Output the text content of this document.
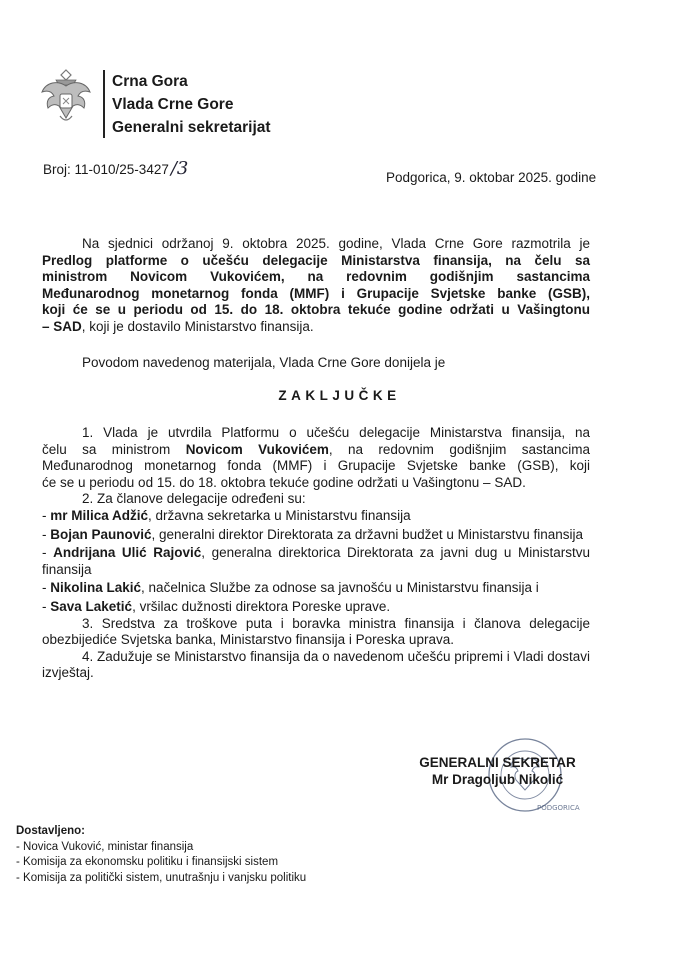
Crna Gora
Vlada Crne Gore
Generalni sekretarijat
Broj: 11-010/25-3427 /3	Podgorica, 9. oktobar 2025. godine
Na sjednici održanoj 9. oktobra 2025. godine, Vlada Crne Gore razmotrila je
Predlog platforme o učešću delegacije Ministarstva finansija, na čelu sa
ministrom Novicom Vukovićem, na redovnim godišnjim sastancima
Međunarodnog monetarnog fonda (MMF) i Grupacije Svjetske banke (GSB),
koji će se u periodu od 15. do 18. oktobra tekuće godine održati u Vašingtonu
– SAD, koji je dostavilo Ministarstvo finansija.
Povodom navedenog materijala, Vlada Crne Gore donijela je
ZAKLJUČKE
1. Vlada je utvrdila Platformu o učešću delegacije Ministarstva finansija, na
čelu sa ministrom Novicom Vukovićem, na redovnim godišnjim sastancima
Međunarodnog monetarnog fonda (MMF) i Grupacije Svjetske banke (GSB), koji
će se u periodu od 15. do 18. oktobra tekuće godine održati u Vašingtonu – SAD.
2. Za članove delegacije određeni su:

- mr Milica Adžić, državna sekretarka u Ministarstvu finansija

- Bojan Paunović, generalni direktor Direktorata za državni budžet u Ministarstvu finansija

- Andrijana Ulić Rajović, generalna direktorica Direktorata za javni dug u Ministarstvu finansija

- Nikolina Lakić, načelnica Službe za odnose sa javnošću u Ministarstvu finansija i

- Sava Laketić, vršilac dužnosti direktora Poreske uprave.

3. Sredstva za troškove puta i boravka ministra finansija i članova delegacije obezbijediće Svjetska banka, Ministarstvo finansija i Poreska uprava.

4. Zadužuje se Ministarstvo finansija da o navedenom učešću pripremi i Vladi dostavi izvještaj.

PODGORICA
GENERALNI SEKRETAR
Mr Dragoljub Nikolić
Dostavljeno:
- Novica Vuković, ministar finansija
- Komisija za ekonomsku politiku i finansijski sistem
- Komisija za politički sistem, unutrašnju i vanjsku politiku
